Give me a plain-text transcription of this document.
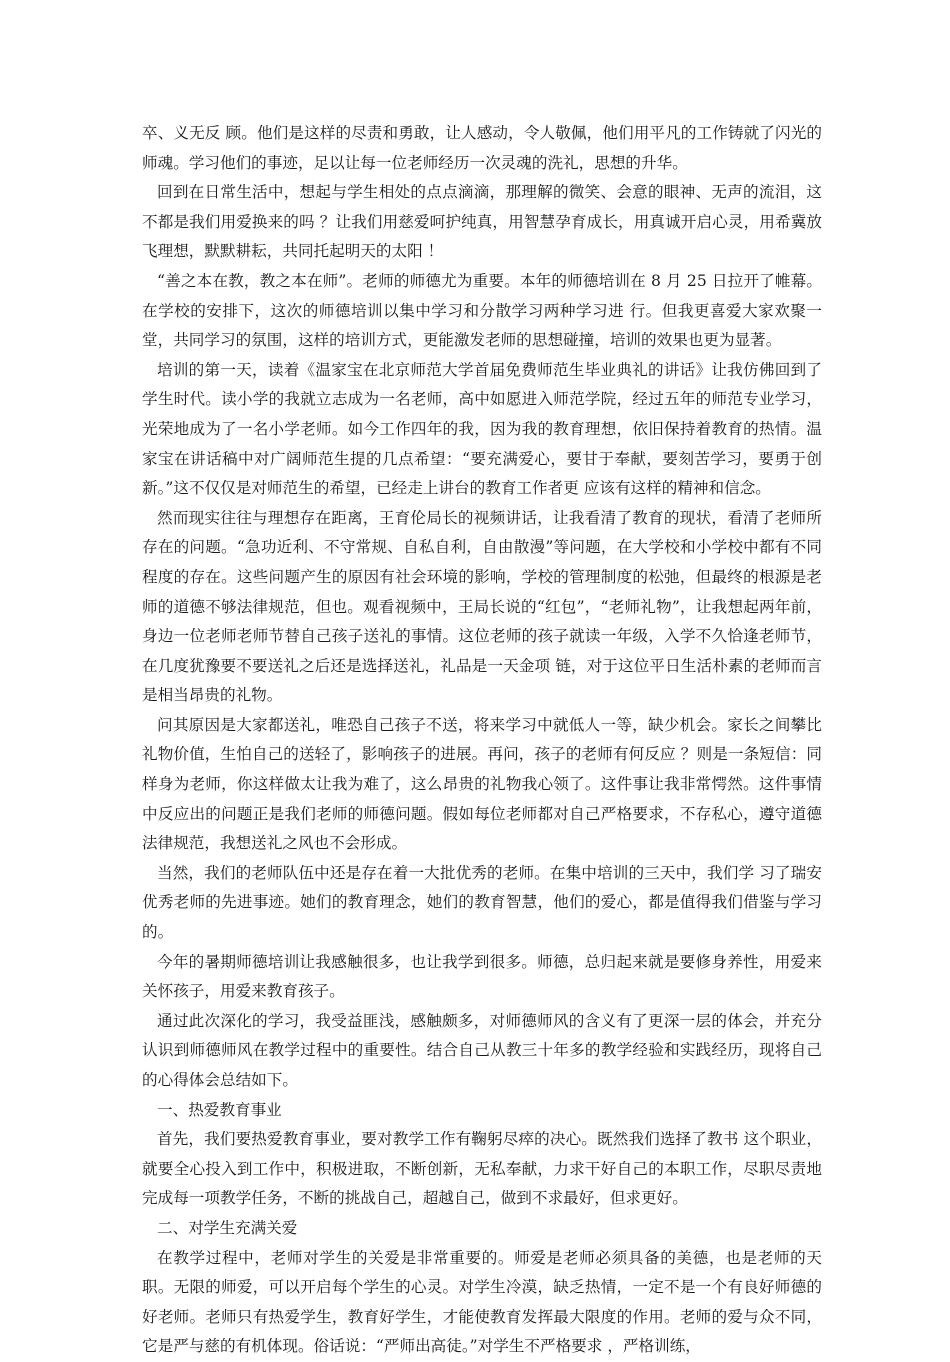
卒、义无反 顾。他们是这样的尽责和勇敢，让人感动，令人敬佩，他们用平凡的工作铸就了闪光的师魂。学习他们的事迹，足以让每一位老师经历一次灵魂的洗礼，思想的升华。

回到在日常生活中，想起与学生相处的点点滴滴，那理解的微笑、会意的眼神、无声的流泪，这不都是我们用爱换来的吗 ？让我们用慈爱呵护纯真，用智慧孕育成长，用真诚开启心灵，用希冀放飞理想，默默耕耘，共同托起明天的太阳 ！

“善之本在教，教之本在师”。老师的师德尤为重要。本年的师德培训在 8 月 25 日拉开了帷幕。在学校的安排下，这次的师德培训以集中学习和分散学习两种学习进 行。但我更喜爱大家欢聚一堂，共同学习的氛围，这样的培训方式，更能激发老师的思想碰撞，培训的效果也更为显著。

培训的第一天，读着《温家宝在北京师范大学首届免费师范生毕业典礼的讲话》让我仿佛回到了学生时代。读小学的我就立志成为一名老师，高中如愿进入师范学院，经过五年的师范专业学习，光荣地成为了一名小学老师。如今工作四年的我，因为我的教育理想，依旧保持着教育的热情。温家宝在讲话稿中对广阔师范生提的几点希望：“要充满爱心，要甘于奉献，要刻苦学习，要勇于创新。”这不仅仅是对师范生的希望，已经走上讲台的教育工作者更 应该有这样的精神和信念。

然而现实往往与理想存在距离，王育伦局长的视频讲话，让我看清了教育的现状，看清了老师所存在的问题。“急功近利、不守常规、自私自利，自由散漫”等问题，在大学校和小学校中都有不同程度的存在。这些问题产生的原因有社会环境的影响，学校的管理制度的松弛，但最终的根源是老师的道德不够法律规范，但也。观看视频中，王局长说的“红包”，“老师礼物”，让我想起两年前，身边一位老师老师节替自己孩子送礼的事情。这位老师的孩子就读一年级，入学不久恰逢老师节，在几度犹豫要不要送礼之后还是选择送礼，礼品是一天金项 链，对于这位平日生活朴素的老师而言是相当昂贵的礼物。

问其原因是大家都送礼，唯恐自己孩子不送，将来学习中就低人一等，缺少机会。家长之间攀比礼物价值，生怕自己的送轻了，影响孩子的进展。再问，孩子的老师有何反应 ？则是一条短信：同样身为老师，你这样做太让我为难了，这么昂贵的礼物我心领了。这件事让我非常愕然。这件事情中反应出的问题正是我们老师的师德问题。假如每位老师都对自己严格要求，不存私心，遵守道德法律规范，我想送礼之风也不会形成。

当然，我们的老师队伍中还是存在着一大批优秀的老师。在集中培训的三天中，我们学 习了瑞安优秀老师的先进事迹。她们的教育理念，她们的教育智慧，他们的爱心，都是值得我们借鉴与学习的。

今年的暑期师德培训让我感触很多，也让我学到很多。师德，总归起来就是要修身养性，用爱来关怀孩子，用爱来教育孩子。

通过此次深化的学习，我受益匪浅，感触颇多，对师德师风的含义有了更深一层的体会，并充分认识到师德师风在教学过程中的重要性。结合自己从教三十年多的教学经验和实践经历，现将自己的心得体会总结如下。

一、热爱教育事业

首先，我们要热爱教育事业，要对教学工作有鞠躬尽瘁的决心。既然我们选择了教书 这个职业，就要全心投入到工作中，积极进取，不断创新，无私奉献，力求干好自己的本职工作，尽职尽责地完成每一项教学任务，不断的挑战自己，超越自己，做到不求最好，但求更好。

二、对学生充满关爱

在教学过程中，老师对学生的关爱是非常重要的。师爱是老师必须具备的美德，也是老师的天职。无限的师爱，可以开启每个学生的心灵。对学生冷漠，缺乏热情，一定不是一个有良好师德的好老师。老师只有热爱学生，教育好学生，才能使教育发挥最大限度的作用。老师的爱与众不同，它是严与慈的有机体现。俗话说：“严师出高徒。”对学生不严格要求 ，严格训练，
